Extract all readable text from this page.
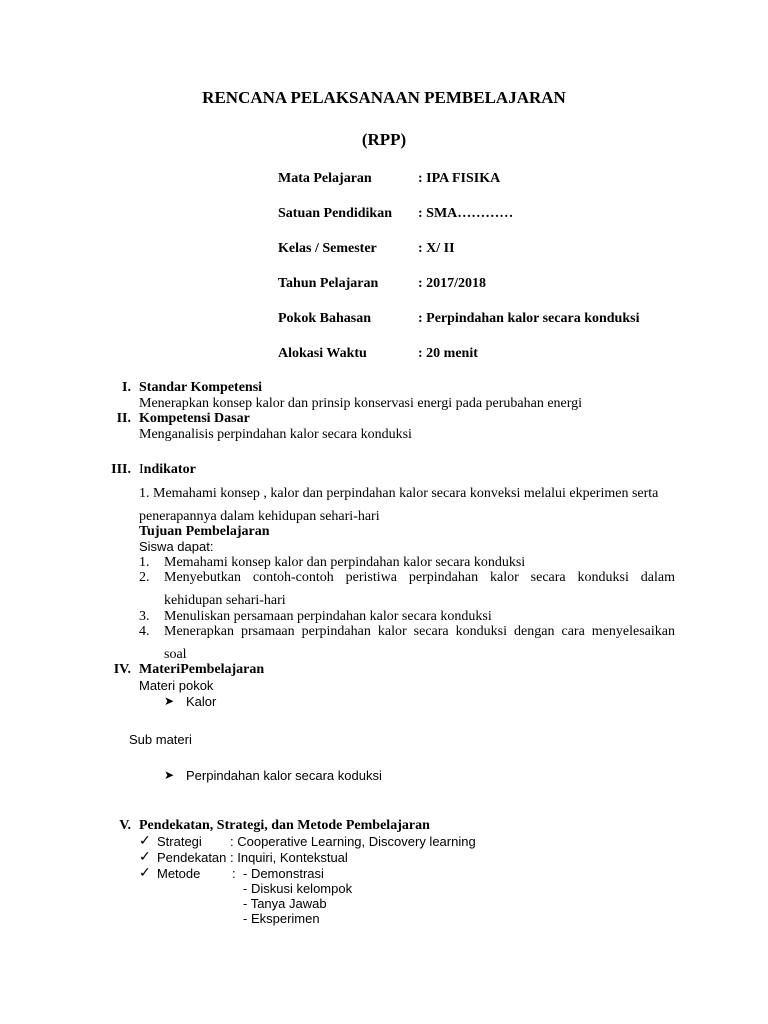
RENCANA PELAKSANAAN PEMBELAJARAN
(RPP)
Mata Pelajaran	: IPA FISIKA
Satuan Pendidikan : SMA…………
Kelas / Semester	: X/ II
Tahun Pelajaran	: 2017/2018
Pokok Bahasan	: Perpindahan kalor secara konduksi
Alokasi Waktu	: 20 menit
I. Standar Kompetensi
Menerapkan konsep kalor dan prinsip konservasi energi pada perubahan energi
II. Kompetensi Dasar
Menganalisis perpindahan kalor secara konduksi
III. Indikator
1. Memahami konsep , kalor dan perpindahan kalor secara konveksi melalui ekperimen serta
penerapannya dalam kehidupan sehari-hari
Tujuan Pembelajaran
Siswa dapat:
1. Memahami konsep kalor dan perpindahan kalor secara konduksi
2. Menyebutkan contoh-contoh peristiwa perpindahan kalor secara konduksi dalam
kehidupan sehari-hari
3. Menuliskan persamaan perpindahan kalor secara konduksi
4. Menerapkan prsamaan perpindahan kalor secara konduksi dengan cara menyelesaikan
soal
IV. MateriPembelajaran
Materi pokok
➤ Kalor
Sub materi
➤ Perpindahan kalor secara koduksi
V. Pendekatan, Strategi, dan Metode Pembelajaran
✓ Strategi : Cooperative Learning, Discovery learning
✓ Pendekatan : Inquiri, Kontekstual
✓ Metode : - Demonstrasi
- Diskusi kelompok
- Tanya Jawab
- Eksperimen
